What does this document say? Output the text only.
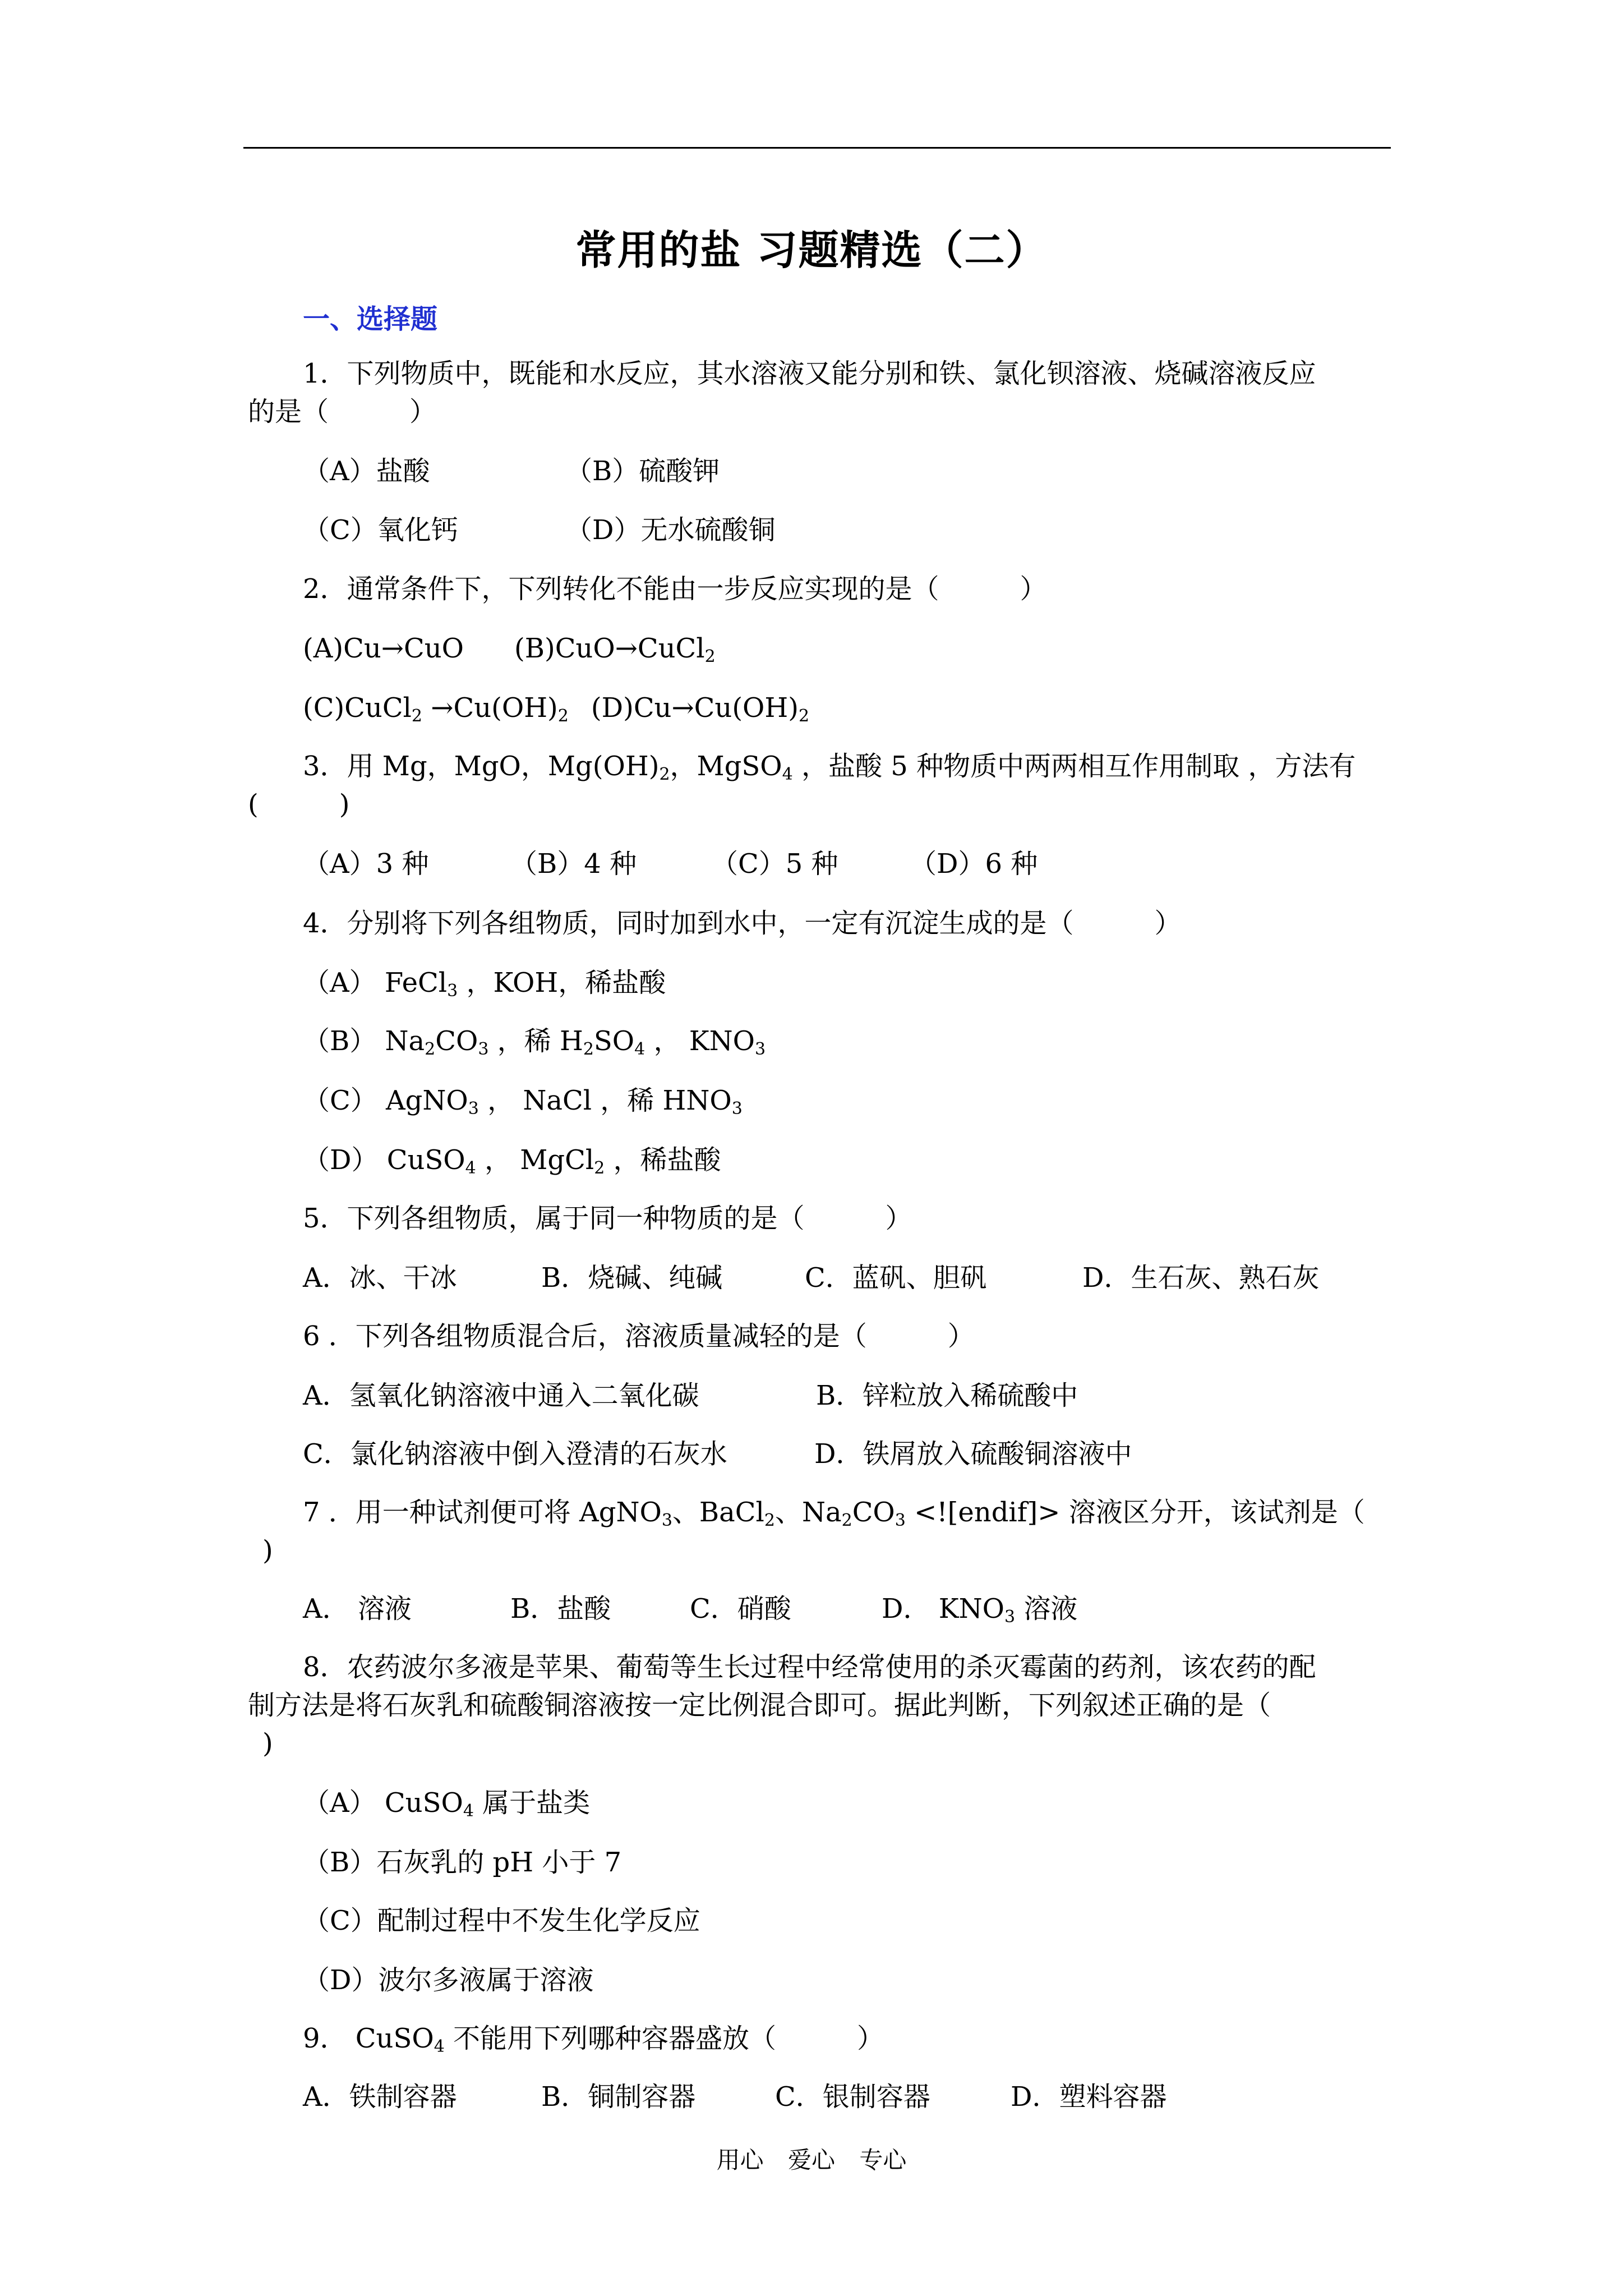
常用的盐 习题精选（二）
一、选择题
1．下列物质中，既能和水反应，其水溶液又能分别和铁、氯化钡溶液、烧碱溶液反应
的是（　　　）
（A）盐酸	（B）硫酸钾
（C）氧化钙	（D）无水硫酸铜
2．通常条件下，下列转化不能由一步反应实现的是（　　　）
(A)Cu→CuO (B)CuO→CuCl$_2$
(C)CuCl$_2$ $\to Cu(OH)_2$ $(D)Cu\to Cu(OH)_2$
3．用 Mg，MgO，$Mg(OH)_2$，MgSO$_4$ ，盐酸 5 种物质中两两相互作用制取 ，方法有
(　　　)
（A）3 种	（B）4 种	（C）5 种	（D）6 种
4．分别将下列各组物质，同时加到水中，一定有沉淀生成的是（　　　）
（A） FeCl$_3$ ，KOH，稀盐酸
（B） $Na_2CO_3$ ，稀 $H_2SO_4$ ， $KNO_3$
（C） AgNO$_3$ ， NaCl ，稀 $HNO_3$
（D） CuSO$_4$ ， MgCl$_2$ ，稀盐酸
5．下列各组物质，属于同一种物质的是（　　　）
A．冰、干冰	B．烧碱、纯碱	C．蓝矾、胆矾	D．生石灰、熟石灰
6 ．下列各组物质混合后，溶液质量减轻的是（　　　）
A．氢氧化钠溶液中通入二氧化碳	B．锌粒放入稀硫酸中
C．氯化钠溶液中倒入澄清的石灰水	D．铁屑放入硫酸铜溶液中
7 ．用一种试剂便可将 AgNO$_3$、BaCl$_2$、$Na_2CO_3$ <![endif]> 溶液区分开，该试剂是（
)
A． 溶液	B．盐酸	C．硝酸	D． $KNO_3$ 溶液
8．农药波尔多液是苹果、葡萄等生长过程中经常使用的杀灭霉菌的药剂，该农药的配
制方法是将石灰乳和硫酸铜溶液按一定比例混合即可。据此判断，下列叙述正确的是（
)
（A） CuSO$_4$ 属于盐类
（B）石灰乳的 pH 小于 7
（C）配制过程中不发生化学反应
（D）波尔多液属于溶液
9． CuSO$_4$ 不能用下列哪种容器盛放（　　　）
A．铁制容器	B．铜制容器	C．银制容器	D．塑料容器
用心 爱心 专心
